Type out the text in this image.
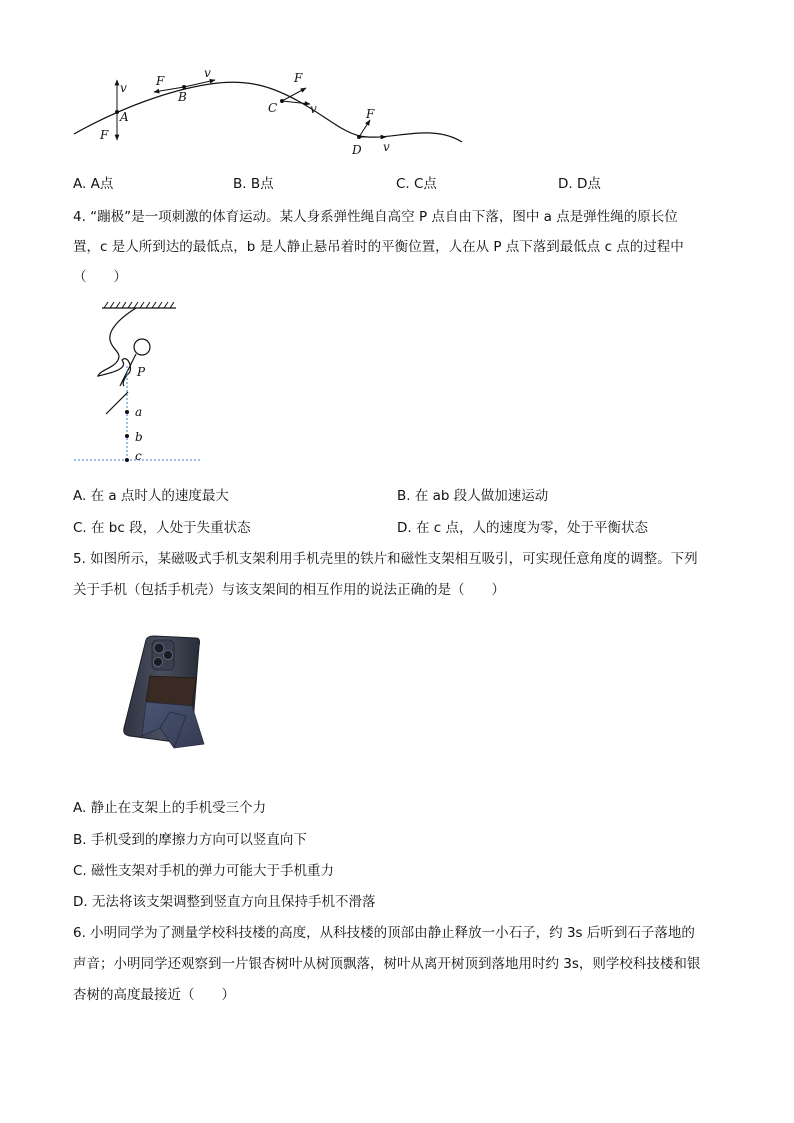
v
A
F
F
v
B
F
v
C	F
v
D
A. A点	B. B点	C. C点	D. D点
4. “蹦极”是一项刺激的体育运动。某人身系弹性绳自高空 P 点自由下落，图中 a 点是弹性绳的原长位
置，c 是人所到达的最低点，b 是人静止悬吊着时的平衡位置，人在从 P 点下落到最低点 c 点的过程中
（　　）
P
a
b
c
A. 在 a 点时人的速度最大	B. 在 ab 段人做加速运动
C. 在 bc 段，人处于失重状态	D. 在 c 点，人的速度为零，处于平衡状态
5. 如图所示，某磁吸式手机支架利用手机壳里的铁片和磁性支架相互吸引，可实现任意角度的调整。下列
关于手机（包括手机壳）与该支架间的相互作用的说法正确的是（　　）
A. 静止在支架上的手机受三个力
B. 手机受到的摩擦力方向可以竖直向下
C. 磁性支架对手机的弹力可能大于手机重力
D. 无法将该支架调整到竖直方向且保持手机不滑落
6. 小明同学为了测量学校科技楼的高度，从科技楼的顶部由静止释放一小石子，约 3s 后听到石子落地的
声音；小明同学还观察到一片银杏树叶从树顶飘落，树叶从离开树顶到落地用时约 3s，则学校科技楼和银
杏树的高度最接近（　　）
